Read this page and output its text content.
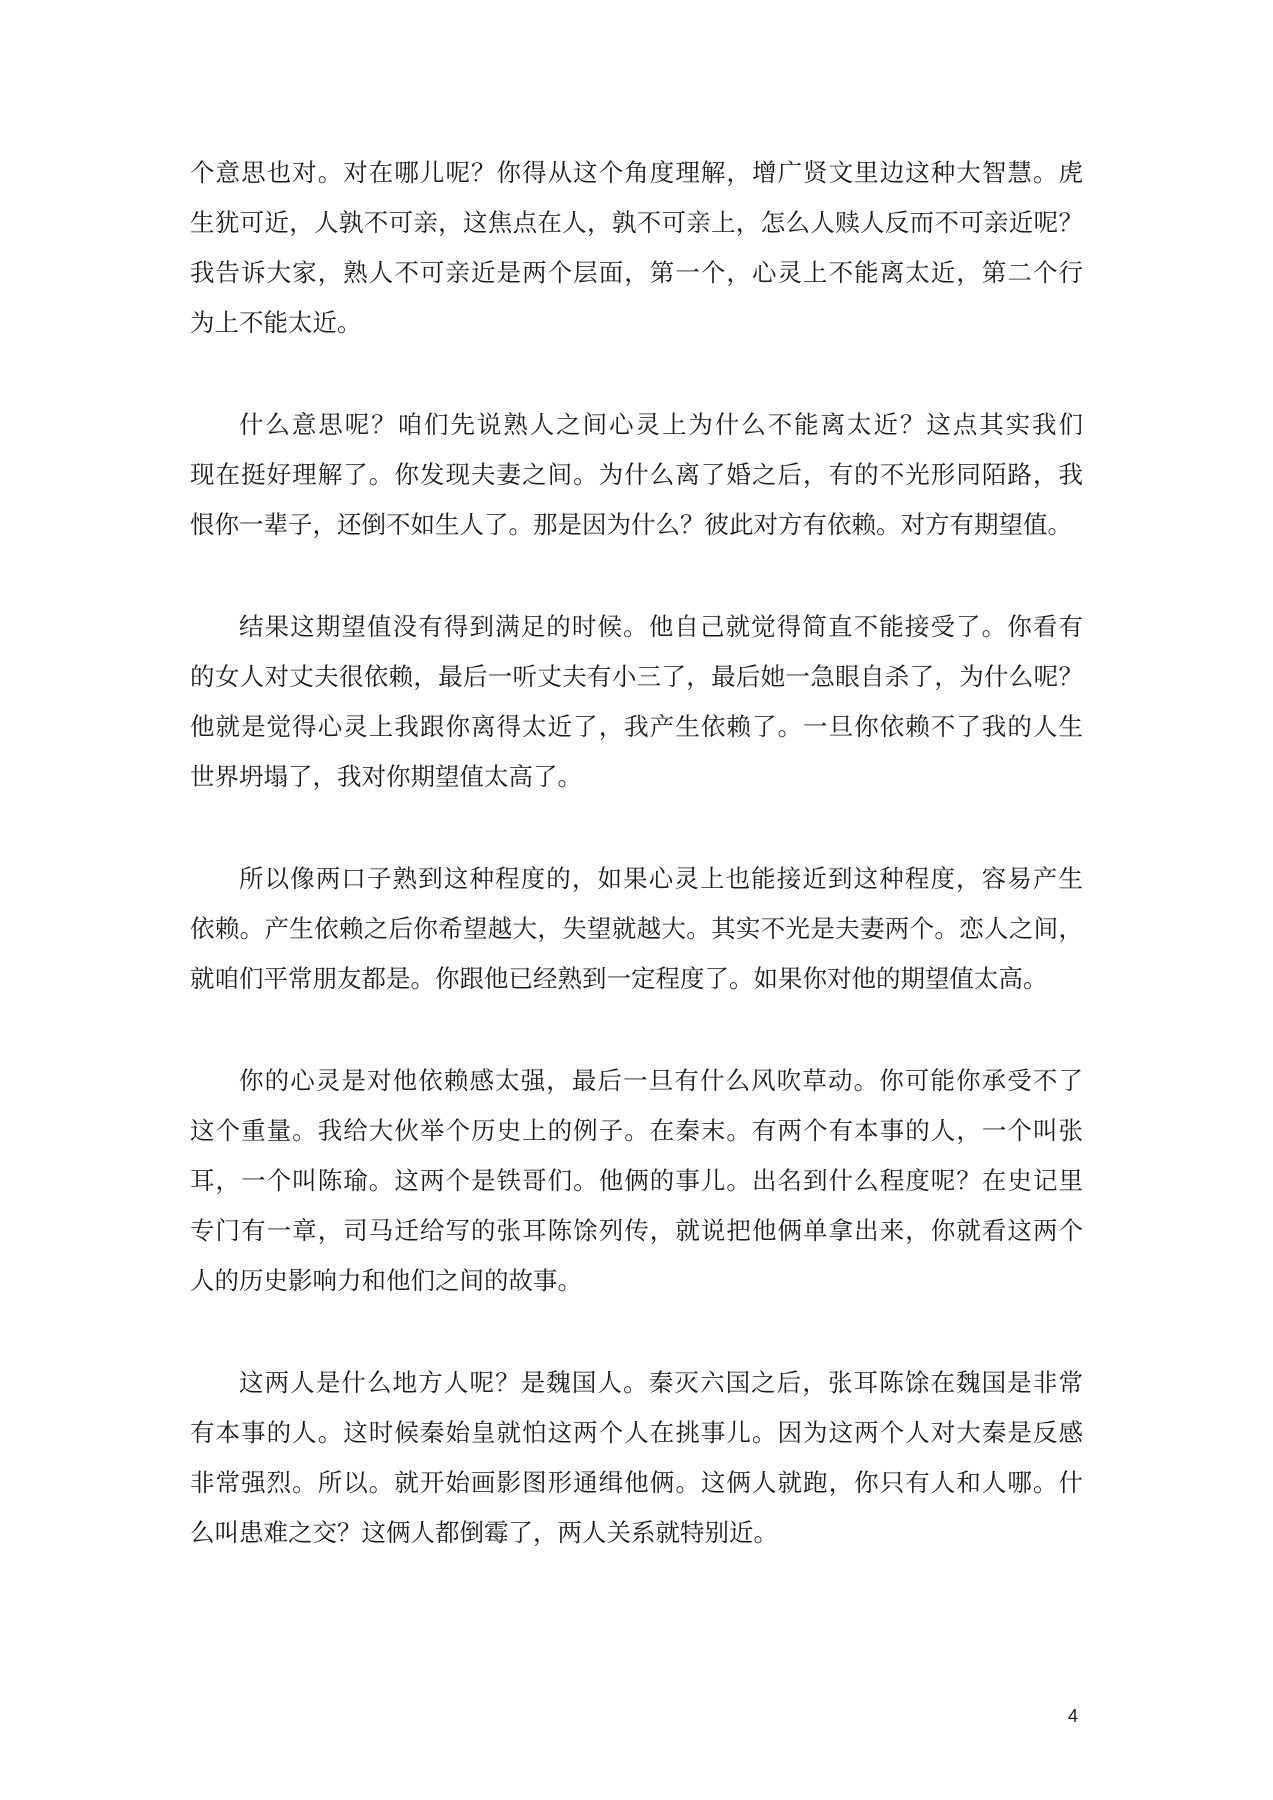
个意思也对。对在哪儿呢？你得从这个角度理解，增广贤文里边这种大智慧。虎
生犹可近，人孰不可亲，这焦点在人，孰不可亲上，怎么人赎人反而不可亲近呢？
我告诉大家，熟人不可亲近是两个层面，第一个，心灵上不能离太近，第二个行
为上不能太近。

什么意思呢？咱们先说熟人之间心灵上为什么不能离太近？这点其实我们
现在挺好理解了。你发现夫妻之间。为什么离了婚之后，有的不光形同陌路，我
恨你一辈子，还倒不如生人了。那是因为什么？彼此对方有依赖。对方有期望值。

结果这期望值没有得到满足的时候。他自己就觉得简直不能接受了。你看有
的女人对丈夫很依赖，最后一听丈夫有小三了，最后她一急眼自杀了，为什么呢？
他就是觉得心灵上我跟你离得太近了，我产生依赖了。一旦你依赖不了我的人生
世界坍塌了，我对你期望值太高了。

所以像两口子熟到这种程度的，如果心灵上也能接近到这种程度，容易产生
依赖。产生依赖之后你希望越大，失望就越大。其实不光是夫妻两个。恋人之间，
就咱们平常朋友都是。你跟他已经熟到一定程度了。如果你对他的期望值太高。

你的心灵是对他依赖感太强，最后一旦有什么风吹草动。你可能你承受不了
这个重量。我给大伙举个历史上的例子。在秦末。有两个有本事的人，一个叫张
耳，一个叫陈瑜。这两个是铁哥们。他俩的事儿。出名到什么程度呢？在史记里
专门有一章，司马迁给写的张耳陈馀列传，就说把他俩单拿出来，你就看这两个
人的历史影响力和他们之间的故事。

这两人是什么地方人呢？是魏国人。秦灭六国之后，张耳陈馀在魏国是非常
有本事的人。这时候秦始皇就怕这两个人在挑事儿。因为这两个人对大秦是反感
非常强烈。所以。就开始画影图形通缉他俩。这俩人就跑，你只有人和人哪。什
么叫患难之交？这俩人都倒霉了，两人关系就特别近。

4
